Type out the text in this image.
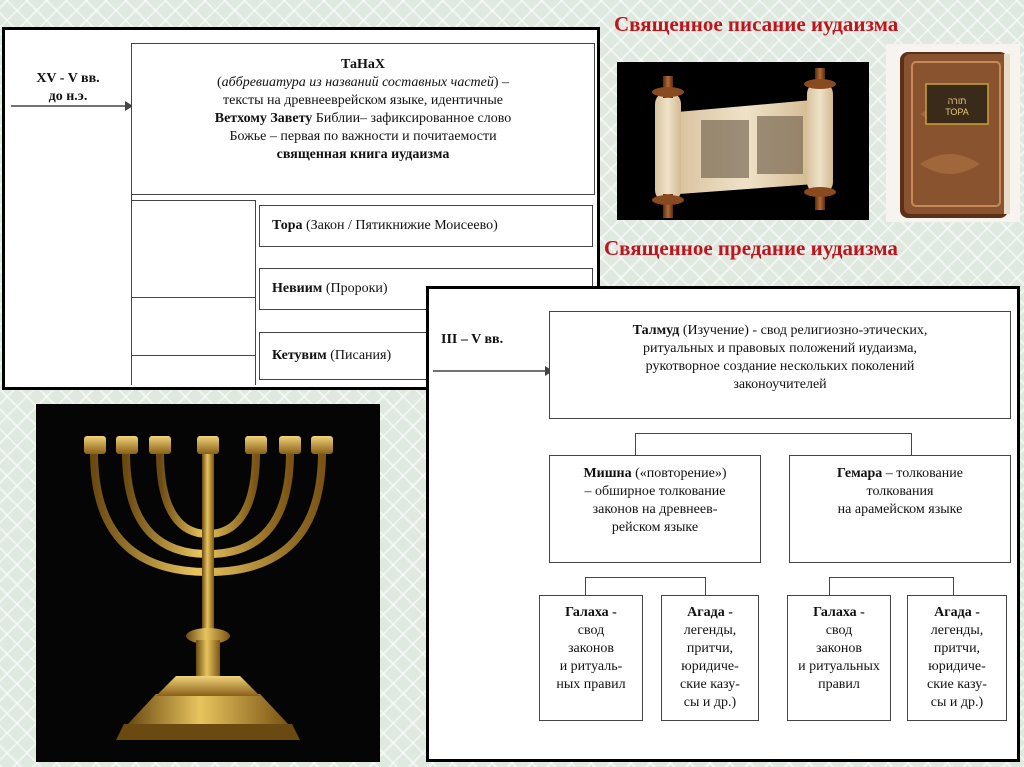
Священное писание иудаизма
Священное предание иудаизма
XV - V вв.
до н.э.
ТаНаХ
(аббревиатура из названий составных частей) –
тексты на древнееврейском языке, идентичные
Ветхому Завету Библии– зафиксированное слово
Божье – первая по важности и почитаемости
священная книга иудаизма
Тора (Закон / Пятикнижие Моисеево)
Невиим (Пророки)
Кетувим (Писания)
תורה
ТОРА
III – V вв.
Талмуд (Изучение) - свод религиозно-этических,
ритуальных и правовых положений иудаизма,
рукотворное создание нескольких поколений
законоучителей
Мишна («повторение»)
– обширное толкование
законов на древнеев-
рейском языке
Гемара – толкование
толкования
на арамейском языке
Галаха -
свод
законов
и ритуаль-
ных правил
Агада -
легенды,
притчи,
юридиче-
ские казу-
сы и др.)
Галаха -
свод
законов
и ритуальных правил
Агада -
легенды,
притчи,
юридиче-
ские казу-
сы и др.)
